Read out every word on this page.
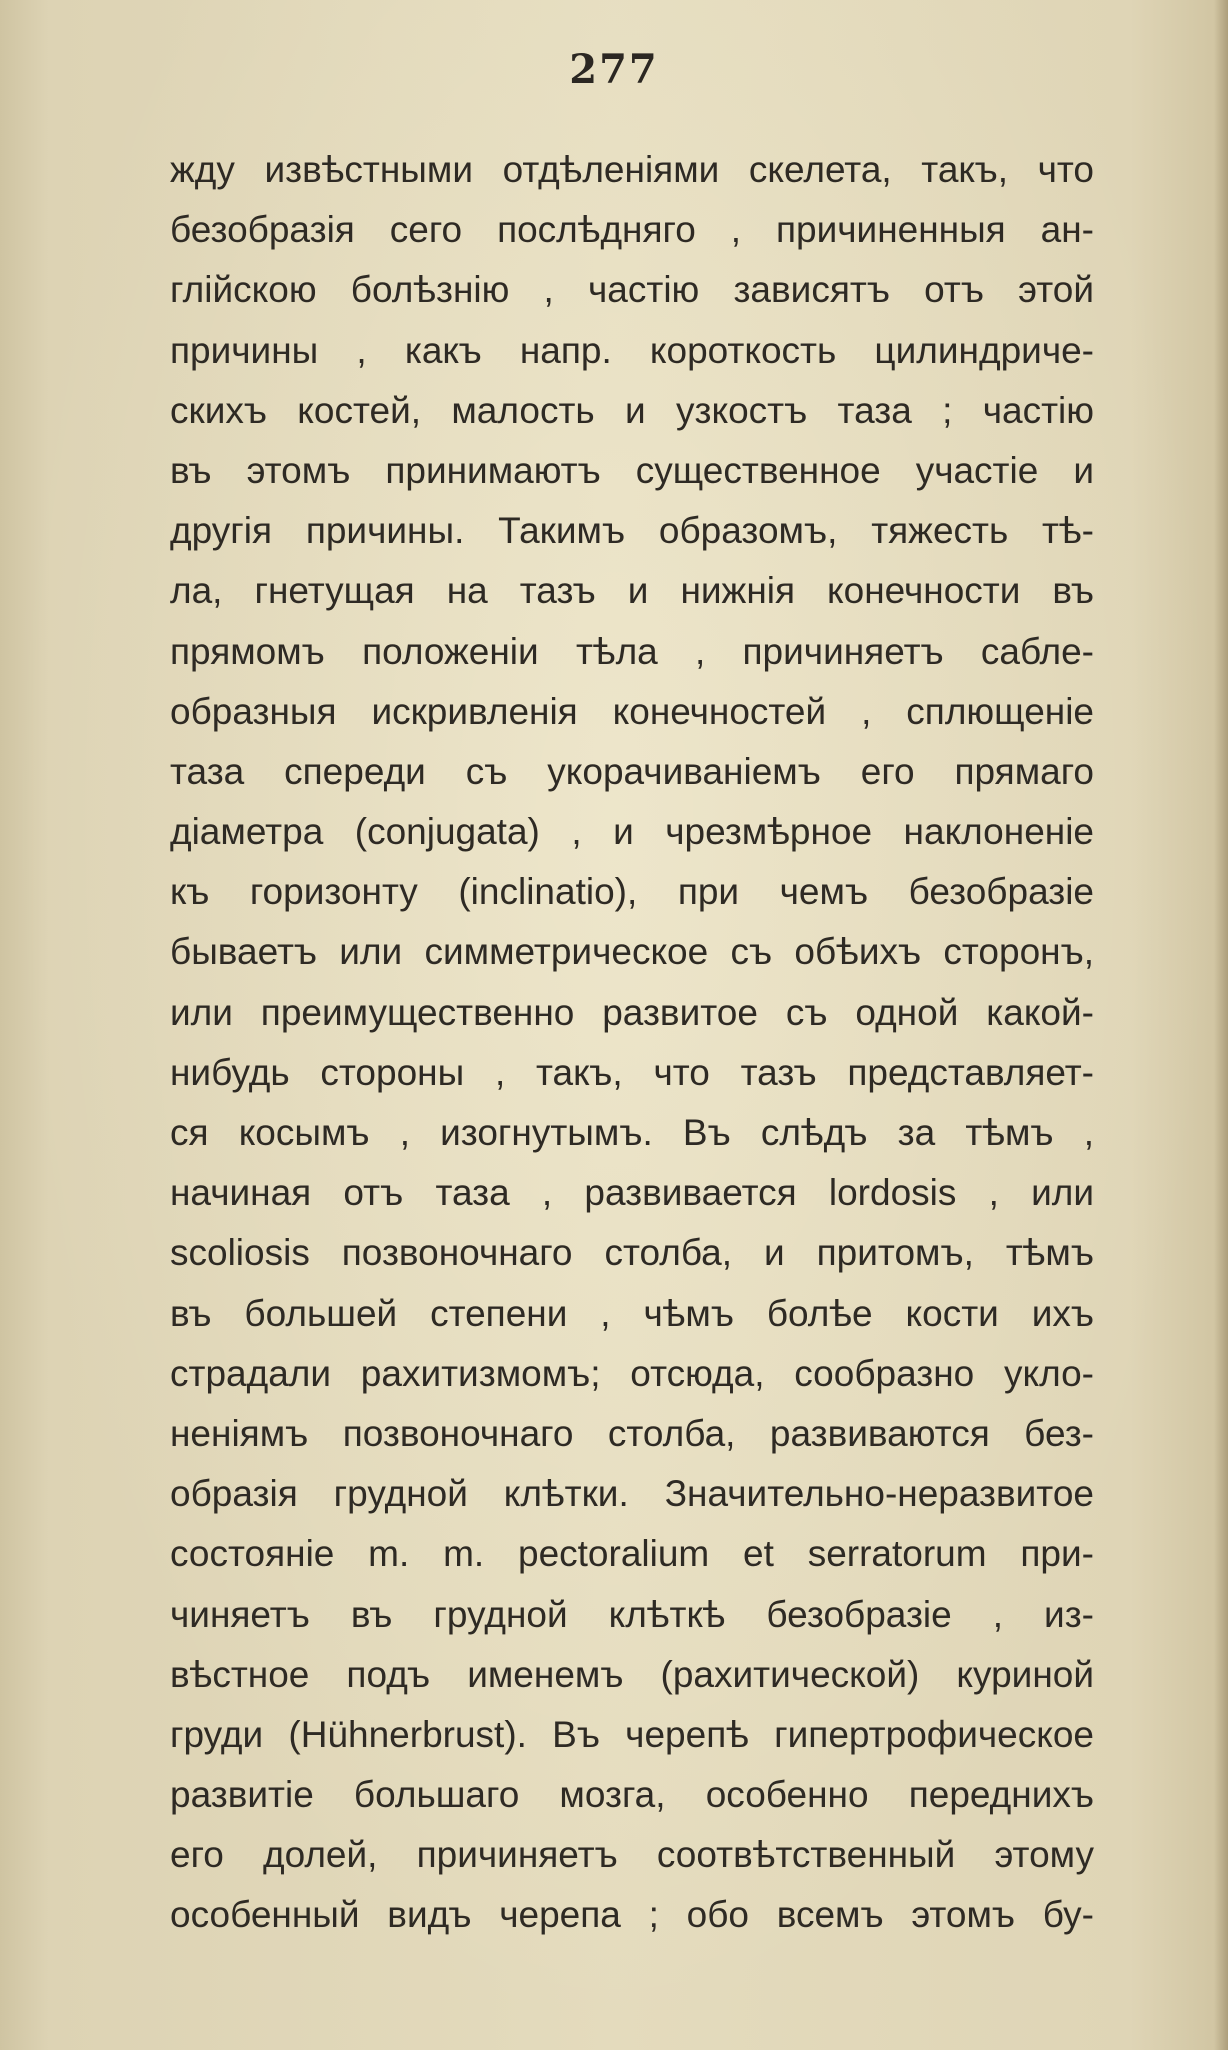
277

жду извѣстными отдѣленіями скелета, такъ, что
безобразія сего послѣдняго , причиненныя ан-
глійскою болѣзнію , частію зависятъ отъ этой
причины , какъ напр. короткость цилиндриче-
скихъ костей, малость и узкостъ таза ; частію
въ этомъ принимаютъ существенное участіе и
другія причины. Такимъ образомъ, тяжесть тѣ-
ла, гнетущая на тазъ и нижнія конечности въ
прямомъ положеніи тѣла , причиняетъ сабле-
образныя искривленія конечностей , сплющеніе
таза спереди съ укорачиваніемъ его прямаго
діаметра (conjugata) , и чрезмѣрное наклоненіе
къ горизонту (inclinatio), при чемъ безобразіе
бываетъ или симметрическое съ обѣихъ сторонъ,
или преимущественно развитое съ одной какой-
нибудь стороны , такъ, что тазъ представляет-
ся косымъ , изогнутымъ. Въ слѣдъ за тѣмъ ,
начиная отъ таза , развивается lordosis , или
scoliosis позвоночнаго столба, и притомъ, тѣмъ
въ большей степени , чѣмъ болѣе кости ихъ
страдали рахитизмомъ; отсюда, сообразно укло-
неніямъ позвоночнаго столба, развиваются без-
образія грудной клѣтки. Значительно-неразвитое
состояніе m. m. pectoralium et serratorum при-
чиняетъ въ грудной клѣткѣ безобразіе , из-
вѣстное подъ именемъ (рахитической) куриной
груди (Hühnerbrust). Въ черепѣ гипертрофическое
развитіе большаго мозга, особенно переднихъ
его долей, причиняетъ соотвѣтственный этому
особенный видъ черепа ; обо всемъ этомъ бу-
